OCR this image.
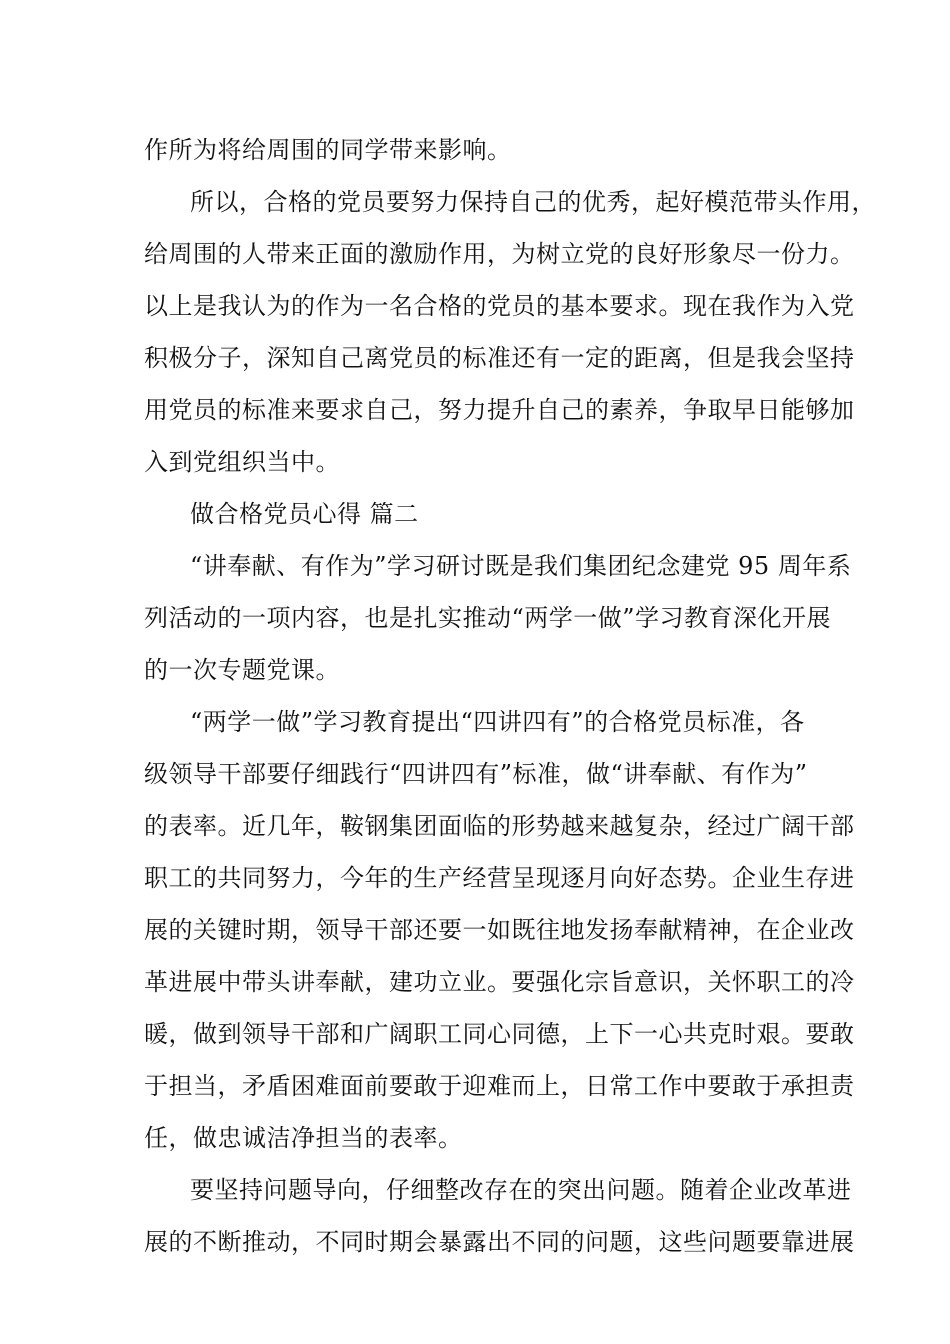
作所为将给周围的同学带来影响。
所以，合格的党员要努力保持自己的优秀，起好模范带头作用，
给周围的人带来正面的激励作用，为树立党的良好形象尽一份力。
以上是我认为的作为一名合格的党员的基本要求。现在我作为入党
积极分子，深知自己离党员的标准还有一定的距离，但是我会坚持
用党员的标准来要求自己，努力提升自己的素养，争取早日能够加
入到党组织当中。
做合格党员心得 篇二
“讲奉献、有作为”学习研讨既是我们集团纪念建党 95 周年系
列活动的一项内容，也是扎实推动“两学一做”学习教育深化开展
的一次专题党课。
“两学一做”学习教育提出“四讲四有”的合格党员标准，各
级领导干部要仔细践行“四讲四有”标准，做“讲奉献、有作为”
的表率。近几年，鞍钢集团面临的形势越来越复杂，经过广阔干部
职工的共同努力，今年的生产经营呈现逐月向好态势。企业生存进
展的关键时期，领导干部还要一如既往地发扬奉献精神，在企业改
革进展中带头讲奉献，建功立业。要强化宗旨意识，关怀职工的冷
暖，做到领导干部和广阔职工同心同德，上下一心共克时艰。要敢
于担当，矛盾困难面前要敢于迎难而上，日常工作中要敢于承担责
任，做忠诚洁净担当的表率。
要坚持问题导向，仔细整改存在的突出问题。随着企业改革进
展的不断推动，不同时期会暴露出不同的问题，这些问题要靠进展
